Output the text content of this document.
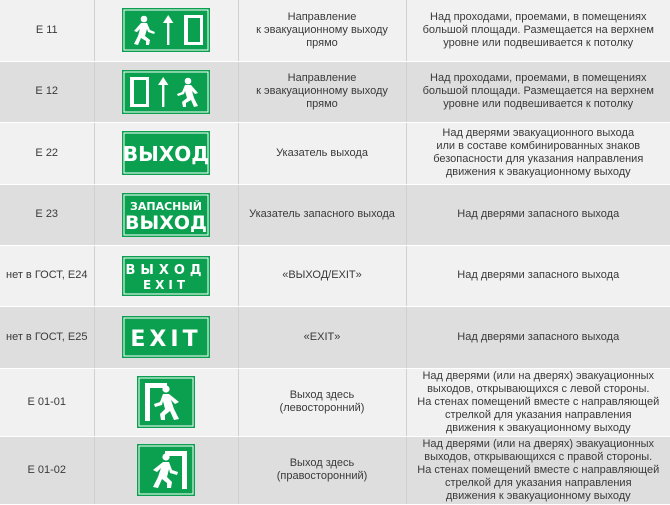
Е 11		Направление
к эвакуационному выходу
прямо	Над проходами, проемами, в помещениях
большой площади. Размещается на верхнем
уровне или подвешивается к потолку
Е 12		Направление
к эвакуационному выходу
прямо	Над проходами, проемами, в помещениях
большой площади. Размещается на верхнем
уровне или подвешивается к потолку
Е 22	ВЫХОД	Указатель выхода	Над дверями эвакуационного выхода
или в составе комбинированных знаков
безопасности для указания направления
движения к эвакуационному выходу
Е 23	ЗАПАСНЫЙ
ВЫХОД	Указатель запасного выхода	Над дверями запасного выхода
нет в ГОСТ, Е24	ВЫХОД
EXIT	«ВЫХОД/EXIT»	Над дверями запасного выхода
нет в ГОСТ, Е25	EXIT	«EXIT»	Над дверями запасного выхода
Е 01-01		Выход здесь
(левосторонний)	Над дверями (или на дверях) эвакуационных
выходов, открывающихся с левой стороны.
На стенах помещений вместе с направляющей
стрелкой для указания направления
движения к эвакуационному выходу
Е 01-02		Выход здесь
(правосторонний)	Над дверями (или на дверях) эвакуационных
выходов, открывающихся с правой стороны.
На стенах помещений вместе с направляющей
стрелкой для указания направления
движения к эвакуационному выходу
